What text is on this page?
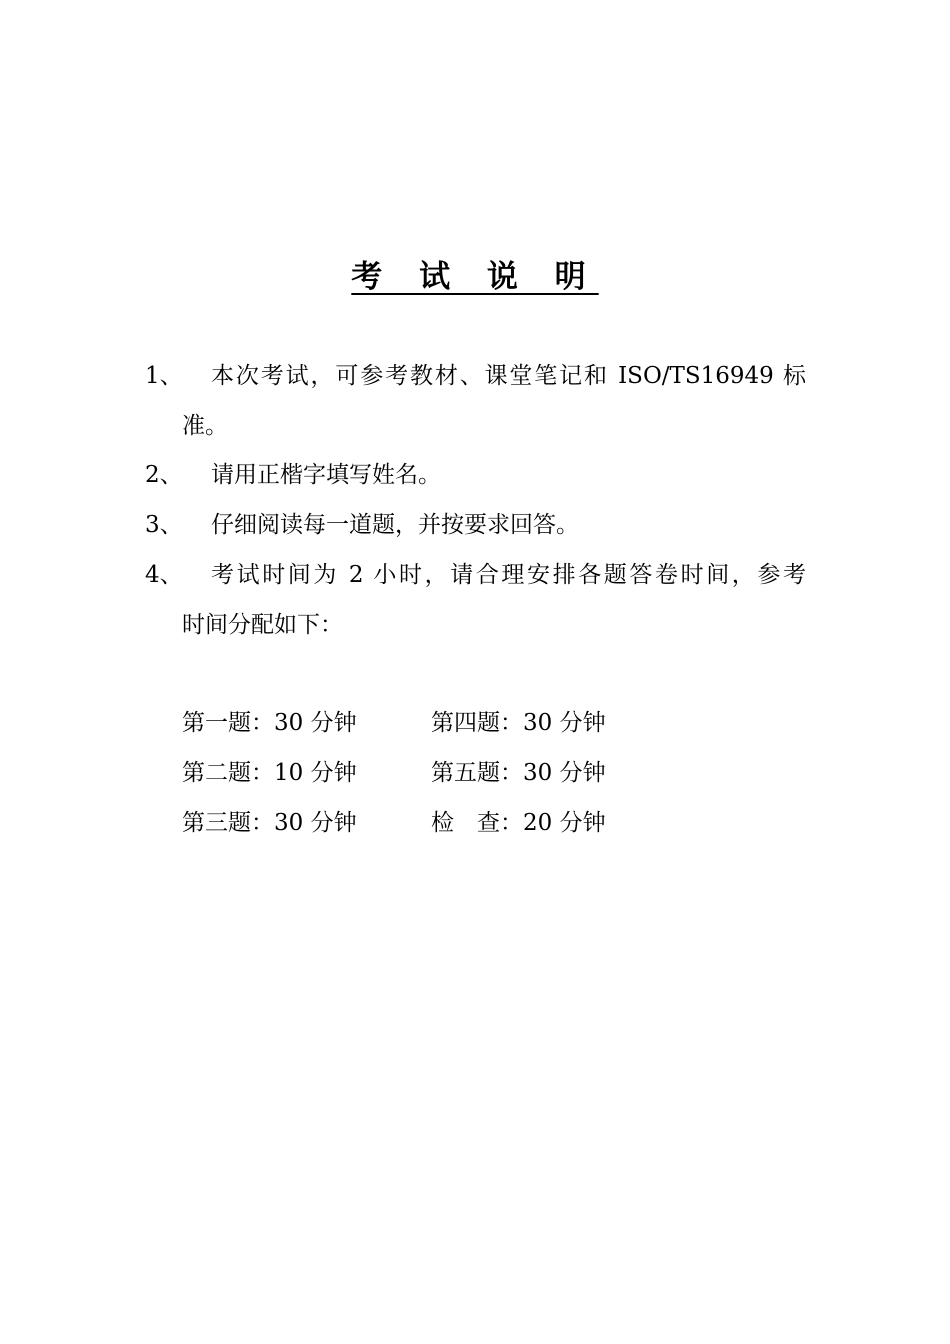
考 试 说 明
1、 本次考试，可参考教材、课堂笔记和 ISO/TS16949 标
准。
2、 请用正楷字填写姓名。
3、 仔细阅读每一道题，并按要求回答。
4、 考试时间为 2 小时，请合理安排各题答卷时间，参考
时间分配如下：
第一题：30 分钟
第二题：10 分钟
第三题：30 分钟
第四题：30 分钟
第五题：30 分钟
检　查：20 分钟
